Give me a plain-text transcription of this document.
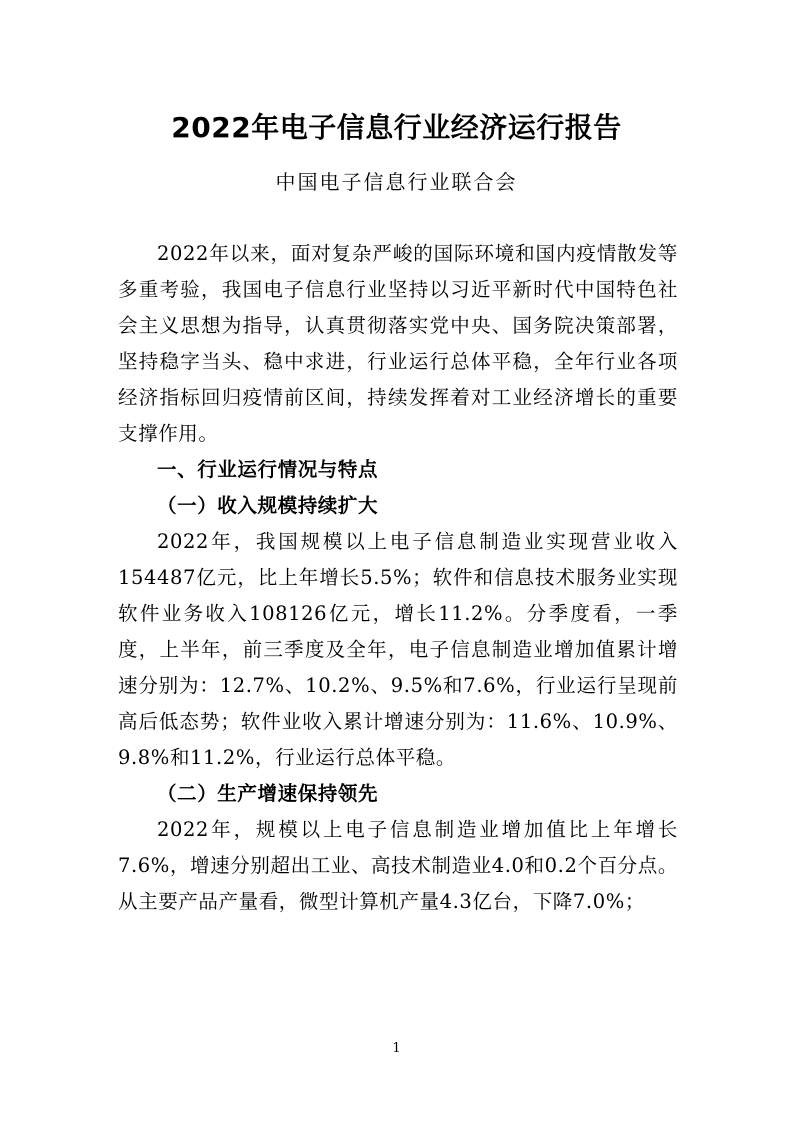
2022年电子信息行业经济运行报告
中国电子信息行业联合会

2022年以来，面对复杂严峻的国际环境和国内疫情散发等多重考验，我国电子信息行业坚持以习近平新时代中国特色社会主义思想为指导，认真贯彻落实党中央、国务院决策部署，坚持稳字当头、稳中求进，行业运行总体平稳，全年行业各项经济指标回归疫情前区间，持续发挥着对工业经济增长的重要支撑作用。

一、行业运行情况与特点

（一）收入规模持续扩大

2022年，我国规模以上电子信息制造业实现营业收入154487亿元，比上年增长5.5%；软件和信息技术服务业实现软件业务收入108126亿元，增长11.2%。分季度看，一季度，上半年，前三季度及全年，电子信息制造业增加值累计增速分别为：12.7%、10.2%、9.5%和7.6%，行业运行呈现前高后低态势；软件业收入累计增速分别为：11.6%、10.9%、9.8%和11.2%，行业运行总体平稳。

（二）生产增速保持领先

2022年，规模以上电子信息制造业增加值比上年增长7.6%，增速分别超出工业、高技术制造业4.0和0.2个百分点。从主要产品产量看，微型计算机产量4.3亿台，下降7.0%；

1
